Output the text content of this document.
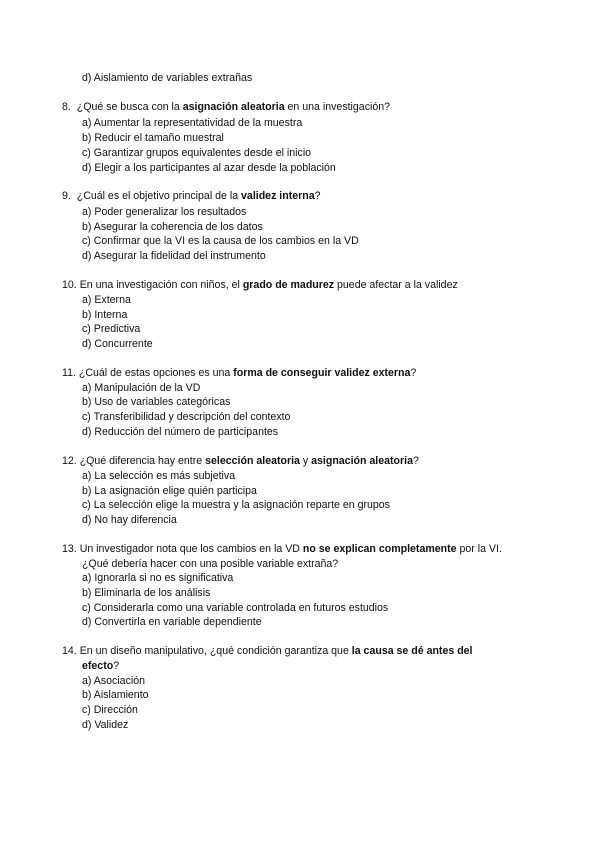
d) Aislamiento de variables extrañas
8. ¿Qué se busca con la asignación aleatoria en una investigación?
a) Aumentar la representatividad de la muestra
b) Reducir el tamaño muestral
c) Garantizar grupos equivalentes desde el inicio
d) Elegir a los participantes al azar desde la población
9. ¿Cuál es el objetivo principal de la validez interna?
a) Poder generalizar los resultados
b) Asegurar la coherencia de los datos
c) Confirmar que la VI es la causa de los cambios en la VD
d) Asegurar la fidelidad del instrumento
10. En una investigación con niños, el grado de madurez puede afectar a la validez
a) Externa
b) Interna
c) Predictiva
d) Concurrente
11. ¿Cuál de estas opciones es una forma de conseguir validez externa?
a) Manipulación de la VD
b) Uso de variables categóricas
c) Transferibilidad y descripción del contexto
d) Reducción del número de participantes
12. ¿Qué diferencia hay entre selección aleatoria y asignación aleatoria?
a) La selección es más subjetiva
b) La asignación elige quién participa
c) La selección elige la muestra y la asignación reparte en grupos
d) No hay diferencia
13. Un investigador nota que los cambios en la VD no se explican completamente por la VI.
¿Qué debería hacer con una posible variable extraña?
a) Ignorarla si no es significativa
b) Eliminarla de los análisis
c) Considerarla como una variable controlada en futuros estudios
d) Convertirla en variable dependiente
14. En un diseño manipulativo, ¿qué condición garantiza que la causa se dé antes del
efecto?
a) Asociación
b) Aislamiento
c) Dirección
d) Validez
